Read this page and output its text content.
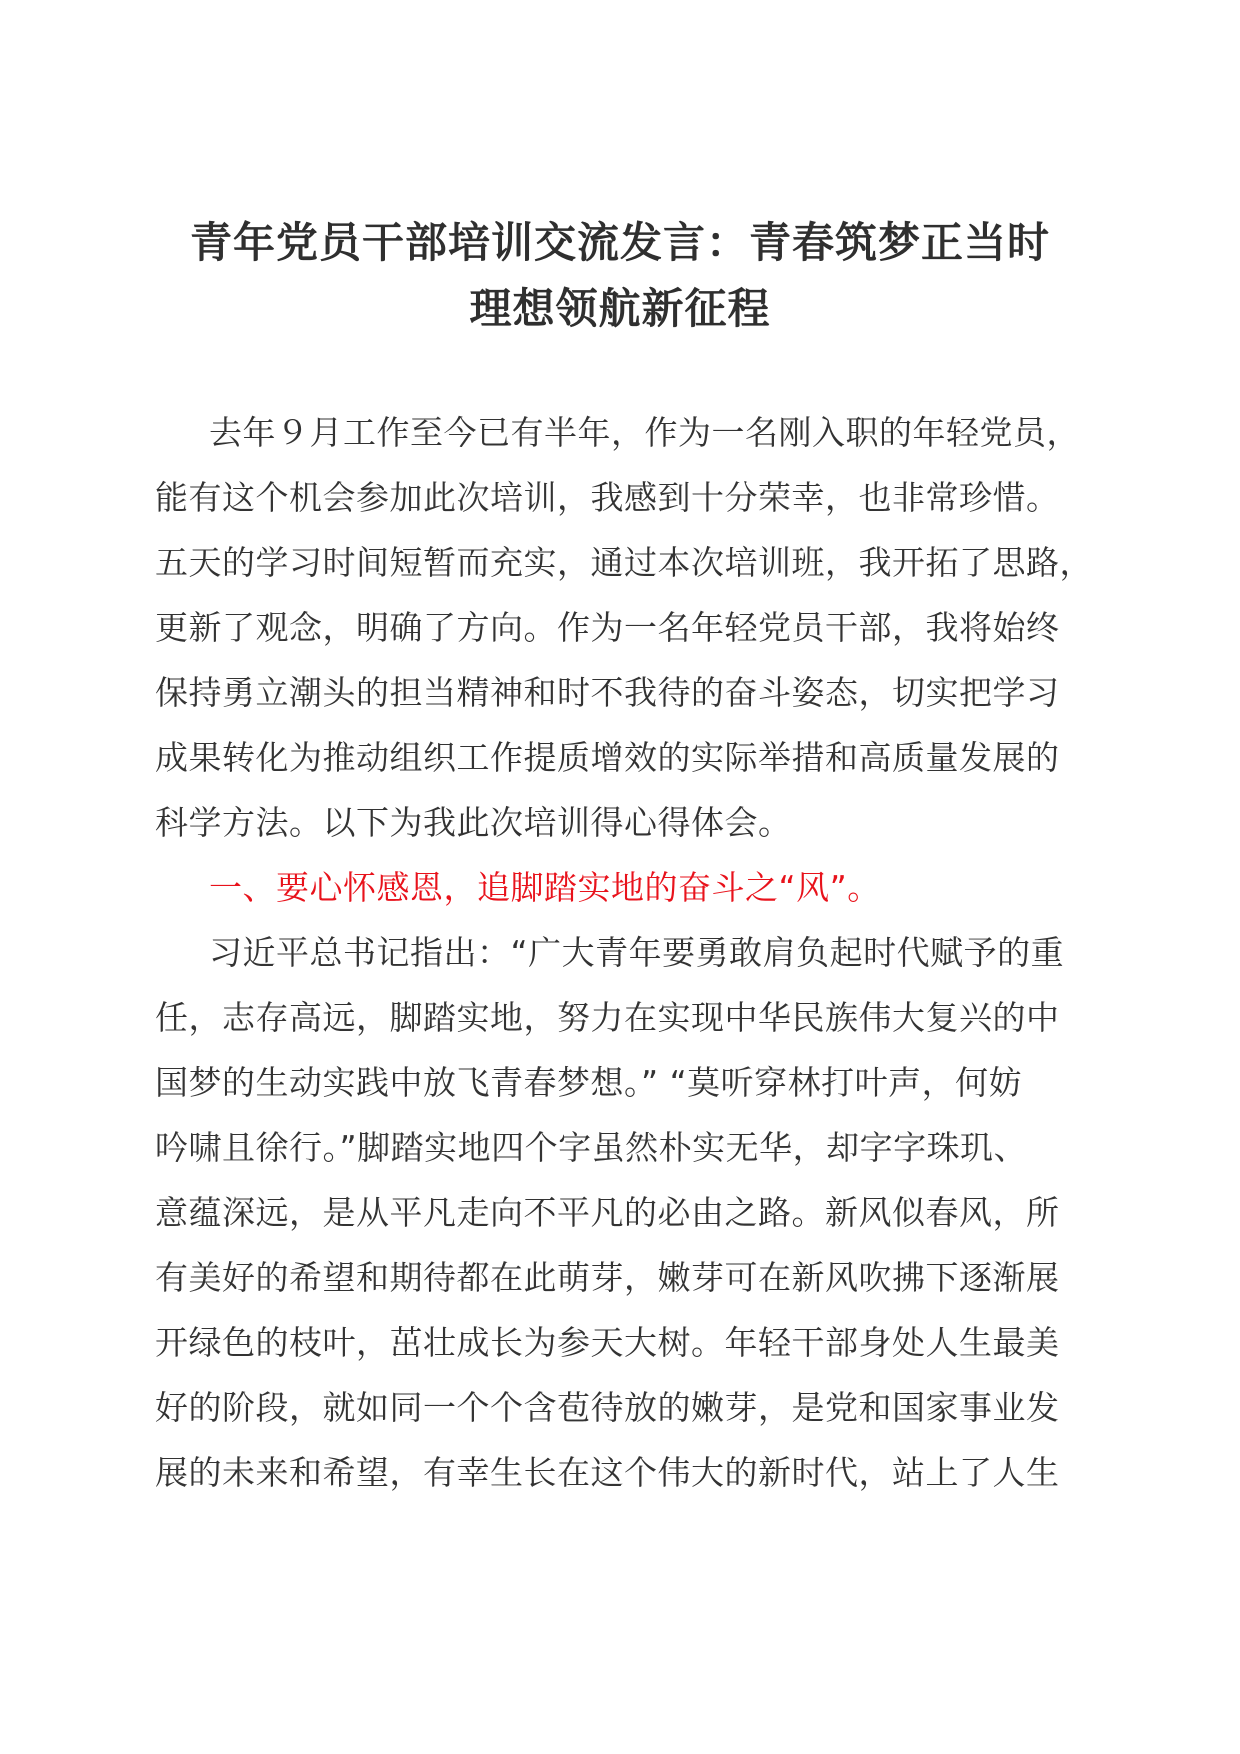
青年党员干部培训交流发言：青春筑梦正当时
理想领航新征程
去年９月工作至今已有半年，作为一名刚入职的年轻党员，
能有这个机会参加此次培训，我感到十分荣幸，也非常珍惜。
五天的学习时间短暂而充实，通过本次培训班，我开拓了思路，
更新了观念，明确了方向。作为一名年轻党员干部，我将始终
保持勇立潮头的担当精神和时不我待的奋斗姿态，切实把学习
成果转化为推动组织工作提质增效的实际举措和高质量发展的
科学方法。以下为我此次培训得心得体会。
一、要心怀感恩，追脚踏实地的奋斗之“风”。
习近平总书记指出：“广大青年要勇敢肩负起时代赋予的重
任，志存高远，脚踏实地，努力在实现中华民族伟大复兴的中
国梦的生动实践中放飞青春梦想。” “莫听穿林打叶声，何妨
吟啸且徐行。”脚踏实地四个字虽然朴实无华，却字字珠玑、
意蕴深远，是从平凡走向不平凡的必由之路。新风似春风，所
有美好的希望和期待都在此萌芽，嫩芽可在新风吹拂下逐渐展
开绿色的枝叶，茁壮成长为参天大树。年轻干部身处人生最美
好的阶段，就如同一个个含苞待放的嫩芽，是党和国家事业发
展的未来和希望，有幸生长在这个伟大的新时代，站上了人生
